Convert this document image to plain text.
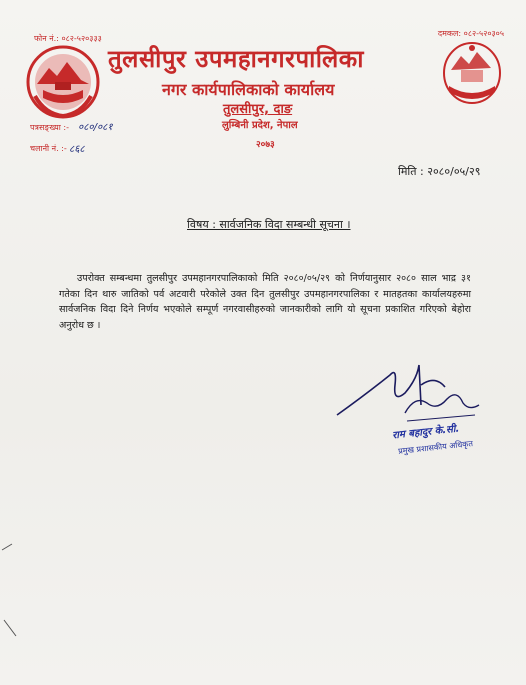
फोन नं.: ०८२-५२०३३३
दमकल: ०८२-५२०३०५
तुलसीपुर उपमहानगरपालिका
नगर कार्यपालिकाको कार्यालय
तुलसीपुर, दाङ
लुम्बिनी प्रदेश, नेपाल
२०७३
पत्रसङ्ख्या :- ०८०/०८१
चलानी नं. :- ८६८
मिति : २०८०/०५/२९
विषय : सार्वजनिक विदा सम्बन्धी सूचना ।
उपरोक्त सम्बन्धमा तुलसीपुर उपमहानगरपालिकाको मिति २०८०/०५/२९ को निर्णयानुसार २०८० साल भाद्र ३१ गतेका दिन थारु जातिको पर्व अटवारी परेकोले उक्त दिन तुलसीपुर उपमहानगरपालिका र मातहतका कार्यालयहरुमा सार्वजनिक विदा दिने निर्णय भएकोले सम्पूर्ण नगरवासीहरुको जानकारीको लागि यो सूचना प्रकाशित गरिएको बेहोरा अनुरोध छ ।
राम बहादुर के.सी.
प्रमुख प्रशासकीय अधिकृत
